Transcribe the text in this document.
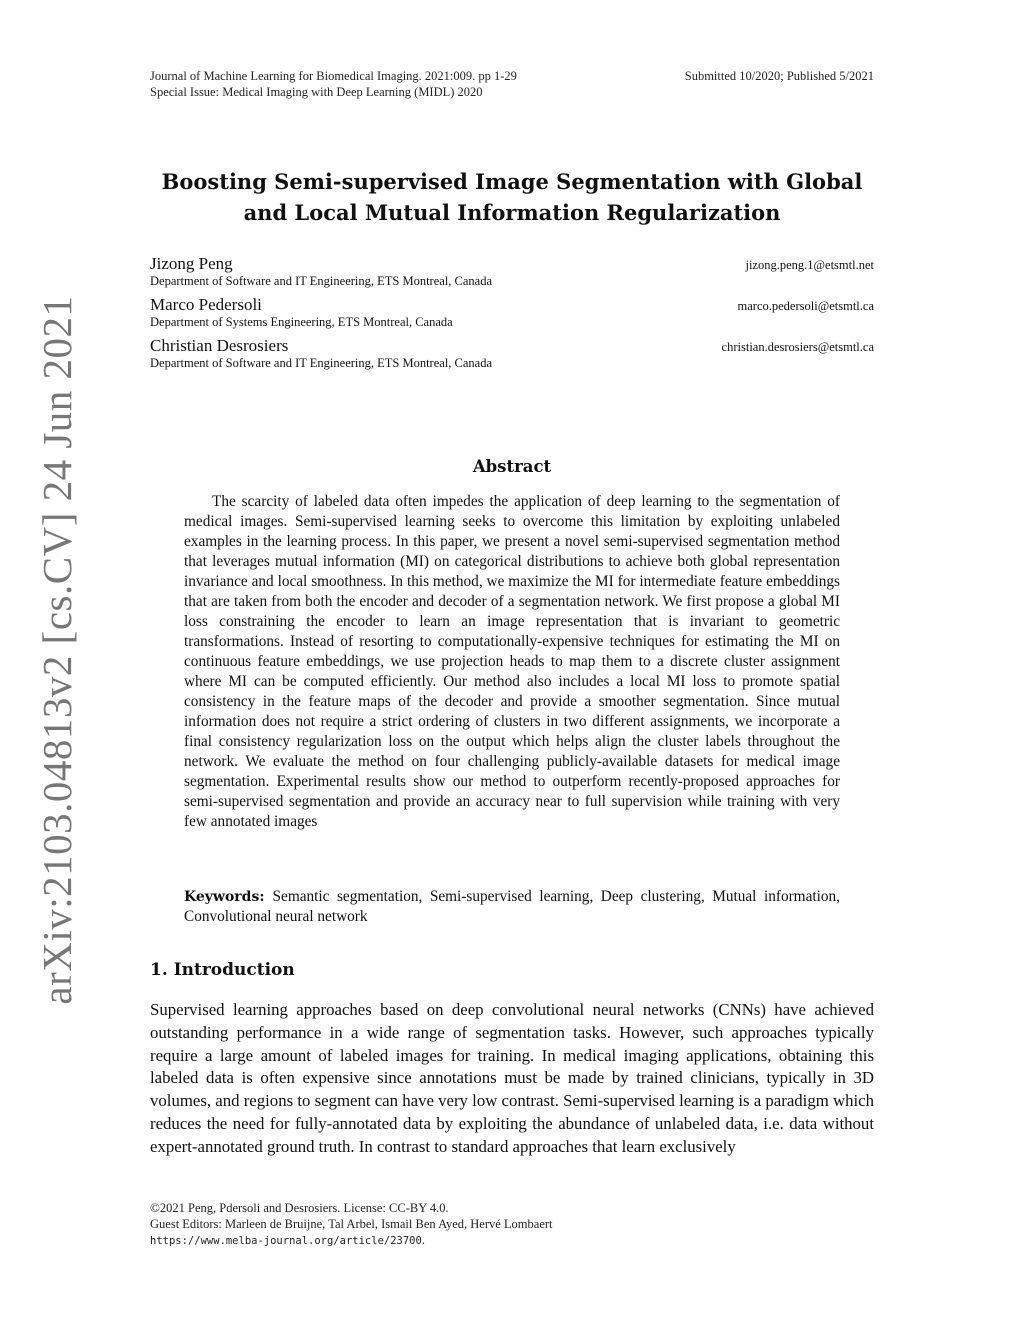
arXiv:2103.04813v2 [cs.CV] 24 Jun 2021
Journal of Machine Learning for Biomedical Imaging. 2021:009. pp 1-29	Submitted 10/2020; Published 5/2021
Special Issue: Medical Imaging with Deep Learning (MIDL) 2020
Boosting Semi-supervised Image Segmentation with Global
and Local Mutual Information Regularization
Jizong Peng	jizong.peng.1@etsmtl.net
Department of Software and IT Engineering, ETS Montreal, Canada
Marco Pedersoli	marco.pedersoli@etsmtl.ca
Department of Systems Engineering, ETS Montreal, Canada
Christian Desrosiers	christian.desrosiers@etsmtl.ca
Department of Software and IT Engineering, ETS Montreal, Canada
Abstract

The scarcity of labeled data often impedes the application of deep learning to the segmentation of medical images. Semi-supervised learning seeks to overcome this limitation by exploiting unlabeled examples in the learning process. In this paper, we present a novel semi-supervised segmentation method that leverages mutual information (MI) on categorical distributions to achieve both global representation invariance and local smoothness. In this method, we maximize the MI for intermediate feature embeddings that are taken from both the encoder and decoder of a segmentation network. We first propose a global MI loss constraining the encoder to learn an image representation that is invariant to geometric transformations. Instead of resorting to computationally-expensive techniques for estimating the MI on continuous feature embeddings, we use projection heads to map them to a discrete cluster assignment where MI can be computed efficiently. Our method also includes a local MI loss to promote spatial consistency in the feature maps of the decoder and provide a smoother segmentation. Since mutual information does not require a strict ordering of clusters in two different assignments, we incorporate a final consistency regularization loss on the output which helps align the cluster labels throughout the network. We evaluate the method on four challenging publicly-available datasets for medical image segmentation. Experimental results show our method to outperform recently-proposed approaches for semi-supervised segmentation and provide an accuracy near to full supervision while training with very few annotated images

Keywords: Semantic segmentation, Semi-supervised learning, Deep clustering, Mutual information, Convolutional neural network

1. Introduction

Supervised learning approaches based on deep convolutional neural networks (CNNs) have achieved outstanding performance in a wide range of segmentation tasks. However, such approaches typically require a large amount of labeled images for training. In medical imaging applications, obtaining this labeled data is often expensive since annotations must be made by trained clinicians, typically in 3D volumes, and regions to segment can have very low contrast. Semi-supervised learning is a paradigm which reduces the need for fully-annotated data by exploiting the abundance of unlabeled data, i.e. data without expert-annotated ground truth. In contrast to standard approaches that learn exclusively

©2021 Peng, Pdersoli and Desrosiers. License: CC-BY 4.0.
Guest Editors: Marleen de Bruijne, Tal Arbel, Ismail Ben Ayed, Hervé Lombaert
https://www.melba-journal.org/article/23700.
